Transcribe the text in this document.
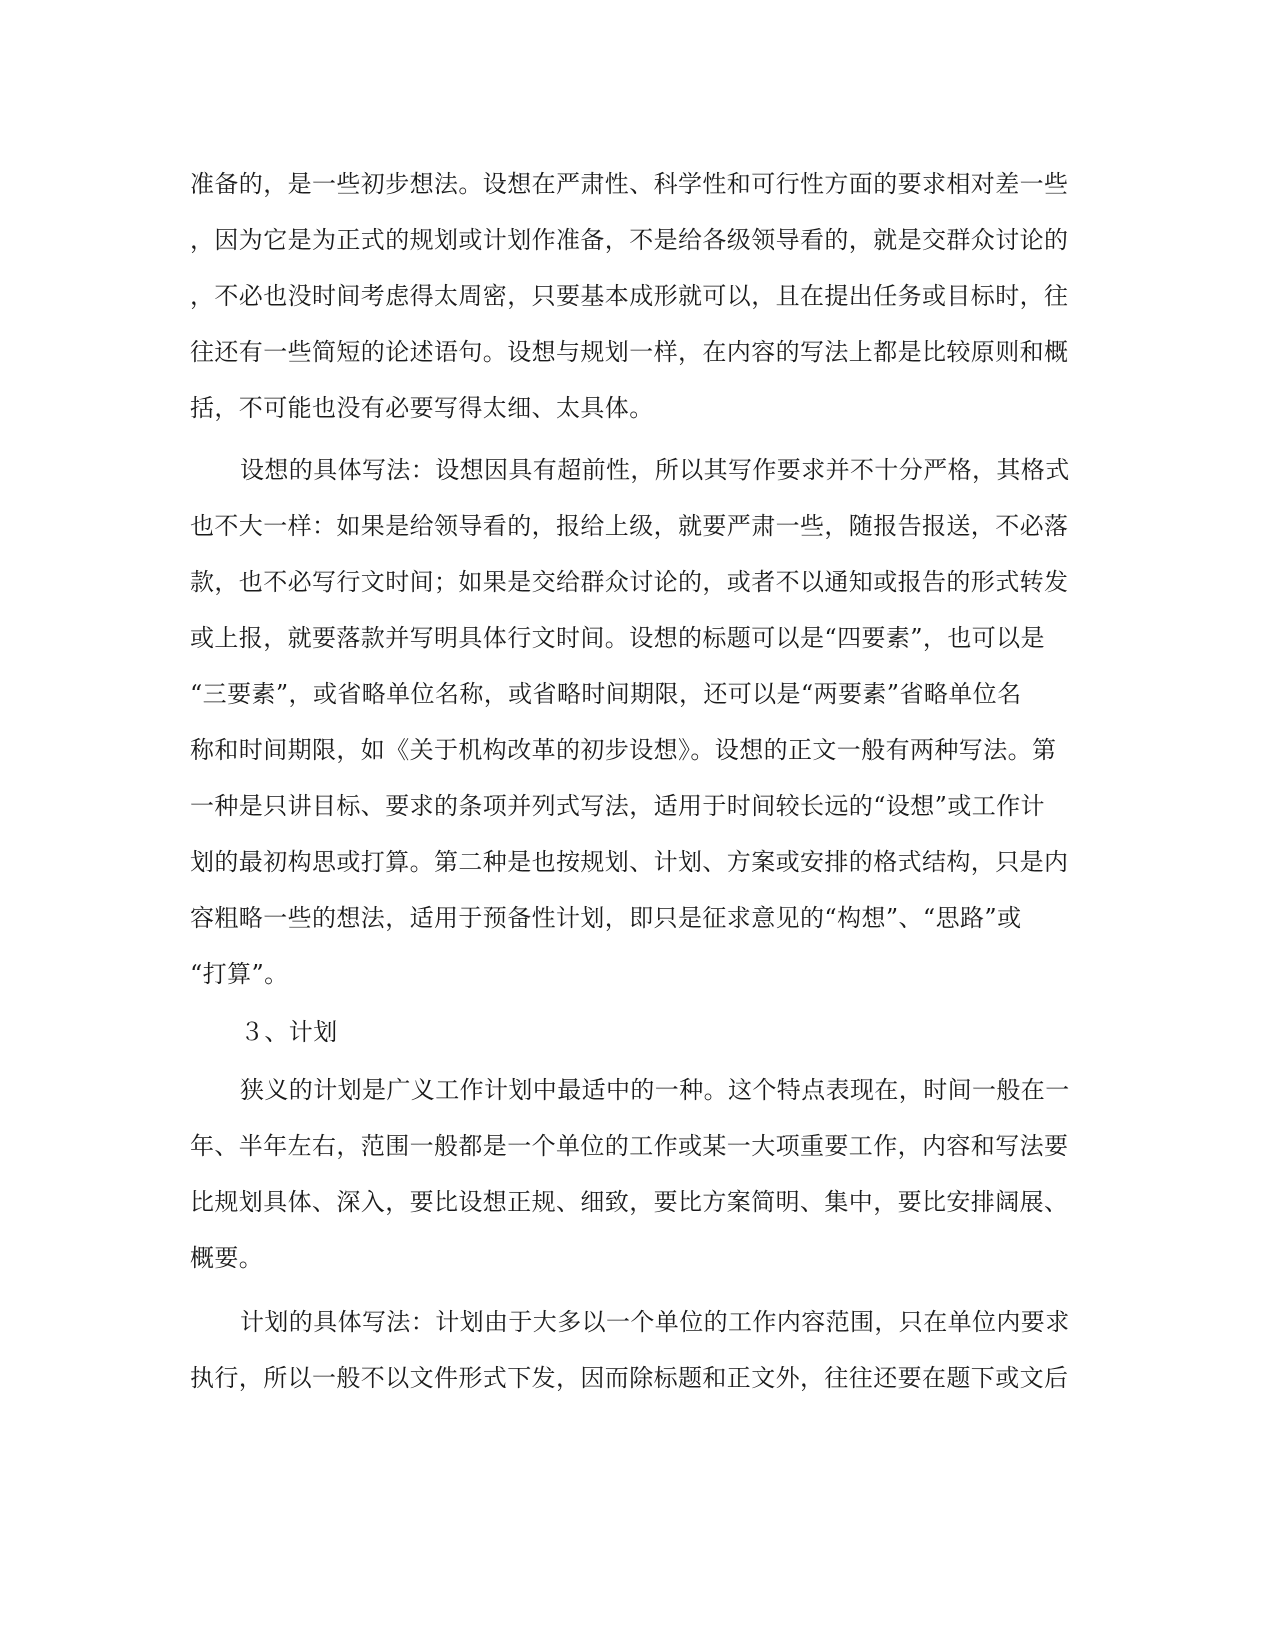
准备的，是一些初步想法。设想在严肃性、科学性和可行性方面的要求相对差一些
，因为它是为正式的规划或计划作准备，不是给各级领导看的，就是交群众讨论的
，不必也没时间考虑得太周密，只要基本成形就可以，且在提出任务或目标时，往
往还有一些简短的论述语句。设想与规划一样，在内容的写法上都是比较原则和概
括，不可能也没有必要写得太细、太具体。
设想的具体写法：设想因具有超前性，所以其写作要求并不十分严格，其格式
也不大一样：如果是给领导看的，报给上级，就要严肃一些，随报告报送，不必落
款，也不必写行文时间；如果是交给群众讨论的，或者不以通知或报告的形式转发
或上报，就要落款并写明具体行文时间。设想的标题可以是“四要素”，也可以是
“三要素”，或省略单位名称，或省略时间期限，还可以是“两要素”省略单位名
称和时间期限，如《关于机构改革的初步设想》。设想的正文一般有两种写法。第
一种是只讲目标、要求的条项并列式写法，适用于时间较长远的“设想”或工作计
划的最初构思或打算。第二种是也按规划、计划、方案或安排的格式结构，只是内
容粗略一些的想法，适用于预备性计划，即只是征求意见的“构想”、“思路”或
“打算”。
３、计划
狭义的计划是广义工作计划中最适中的一种。这个特点表现在，时间一般在一
年、半年左右，范围一般都是一个单位的工作或某一大项重要工作，内容和写法要
比规划具体、深入，要比设想正规、细致，要比方案简明、集中，要比安排阔展、
概要。
计划的具体写法：计划由于大多以一个单位的工作内容范围，只在单位内要求
执行，所以一般不以文件形式下发，因而除标题和正文外，往往还要在题下或文后
